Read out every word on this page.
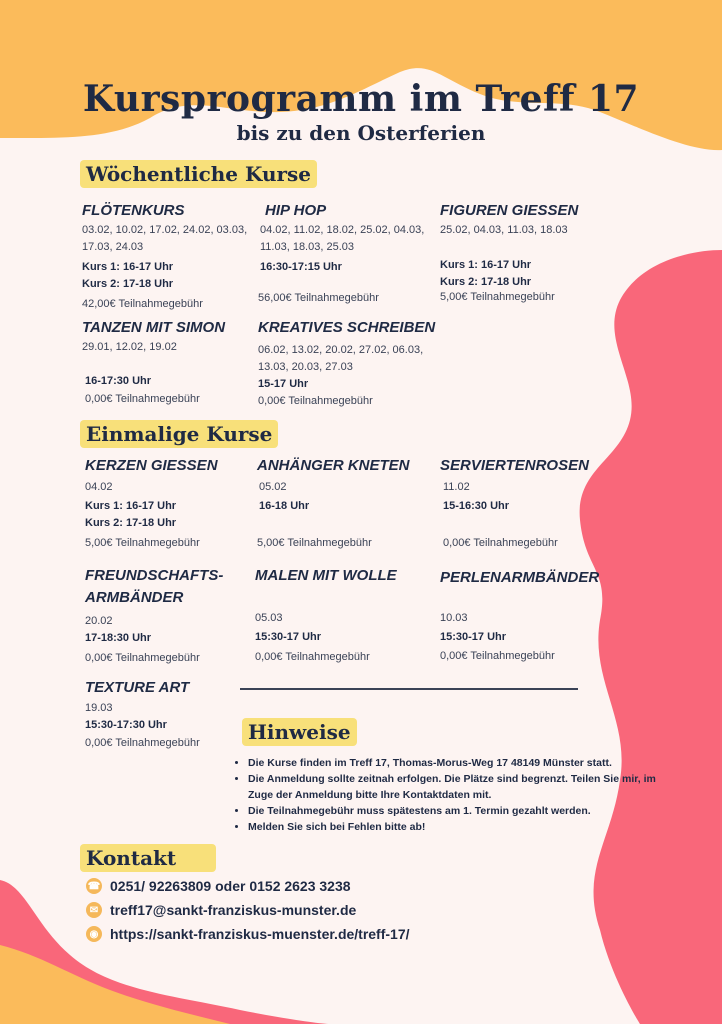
Kursprogramm im Treff 17
bis zu den Osterferien
Wöchentliche Kurse
FLÖTENKURS
03.02, 10.02, 17.02, 24.02, 03.03, 17.03, 24.03
Kurs 1: 16-17 Uhr
Kurs 2: 17-18 Uhr
42,00€ Teilnahmegebühr
HIP HOP
04.02, 11.02, 18.02, 25.02, 04.03, 11.03, 18.03, 25.03
16:30-17:15 Uhr
56,00€ Teilnahmegebühr
FIGUREN GIESSEN
25.02, 04.03, 11.03, 18.03
Kurs 1: 16-17 Uhr
Kurs 2: 17-18 Uhr
5,00€ Teilnahmegebühr
TANZEN MIT SIMON
29.01, 12.02, 19.02
16-17:30 Uhr
0,00€ Teilnahmegebühr
KREATIVES SCHREIBEN
06.02, 13.02, 20.02, 27.02, 06.03, 13.03, 20.03, 27.03
15-17 Uhr
0,00€ Teilnahmegebühr
Einmalige Kurse
KERZEN GIESSEN
04.02
Kurs 1: 16-17 Uhr
Kurs 2: 17-18 Uhr
5,00€ Teilnahmegebühr
ANHÄNGER KNETEN
05.02
16-18 Uhr
5,00€ Teilnahmegebühr
SERVIERTENROSEN
11.02
15-16:30 Uhr
0,00€ Teilnahmegebühr
FREUNDSCHAFTS-
ARMBÄNDER
20.02
17-18:30 Uhr
0,00€ Teilnahmegebühr
MALEN MIT WOLLE
05.03
15:30-17 Uhr
0,00€ Teilnahmegebühr
PERLENARMBÄNDER
10.03
15:30-17 Uhr
0,00€ Teilnahmegebühr
TEXTURE ART
19.03
15:30-17:30 Uhr
0,00€ Teilnahmegebühr	Hinweise
• Die Kurse finden im Treff 17, Thomas-Morus-Weg 17 48149 Münster statt.
• Die Anmeldung sollte zeitnah erfolgen. Die Plätze sind begrenzt. Teilen Sie mir, im Zuge der Anmeldung bitte Ihre Kontaktdaten mit.
• Die Teilnahmegebühr muss spätestens am 1. Termin gezahlt werden.
• Melden Sie sich bei Fehlen bitte ab!
Kontakt
☎ 0251/ 92263809 oder 0152 2623 3238
✉ treff17@sankt-franziskus-munster.de
◉ https://sankt-franziskus-muenster.de/treff-17/
